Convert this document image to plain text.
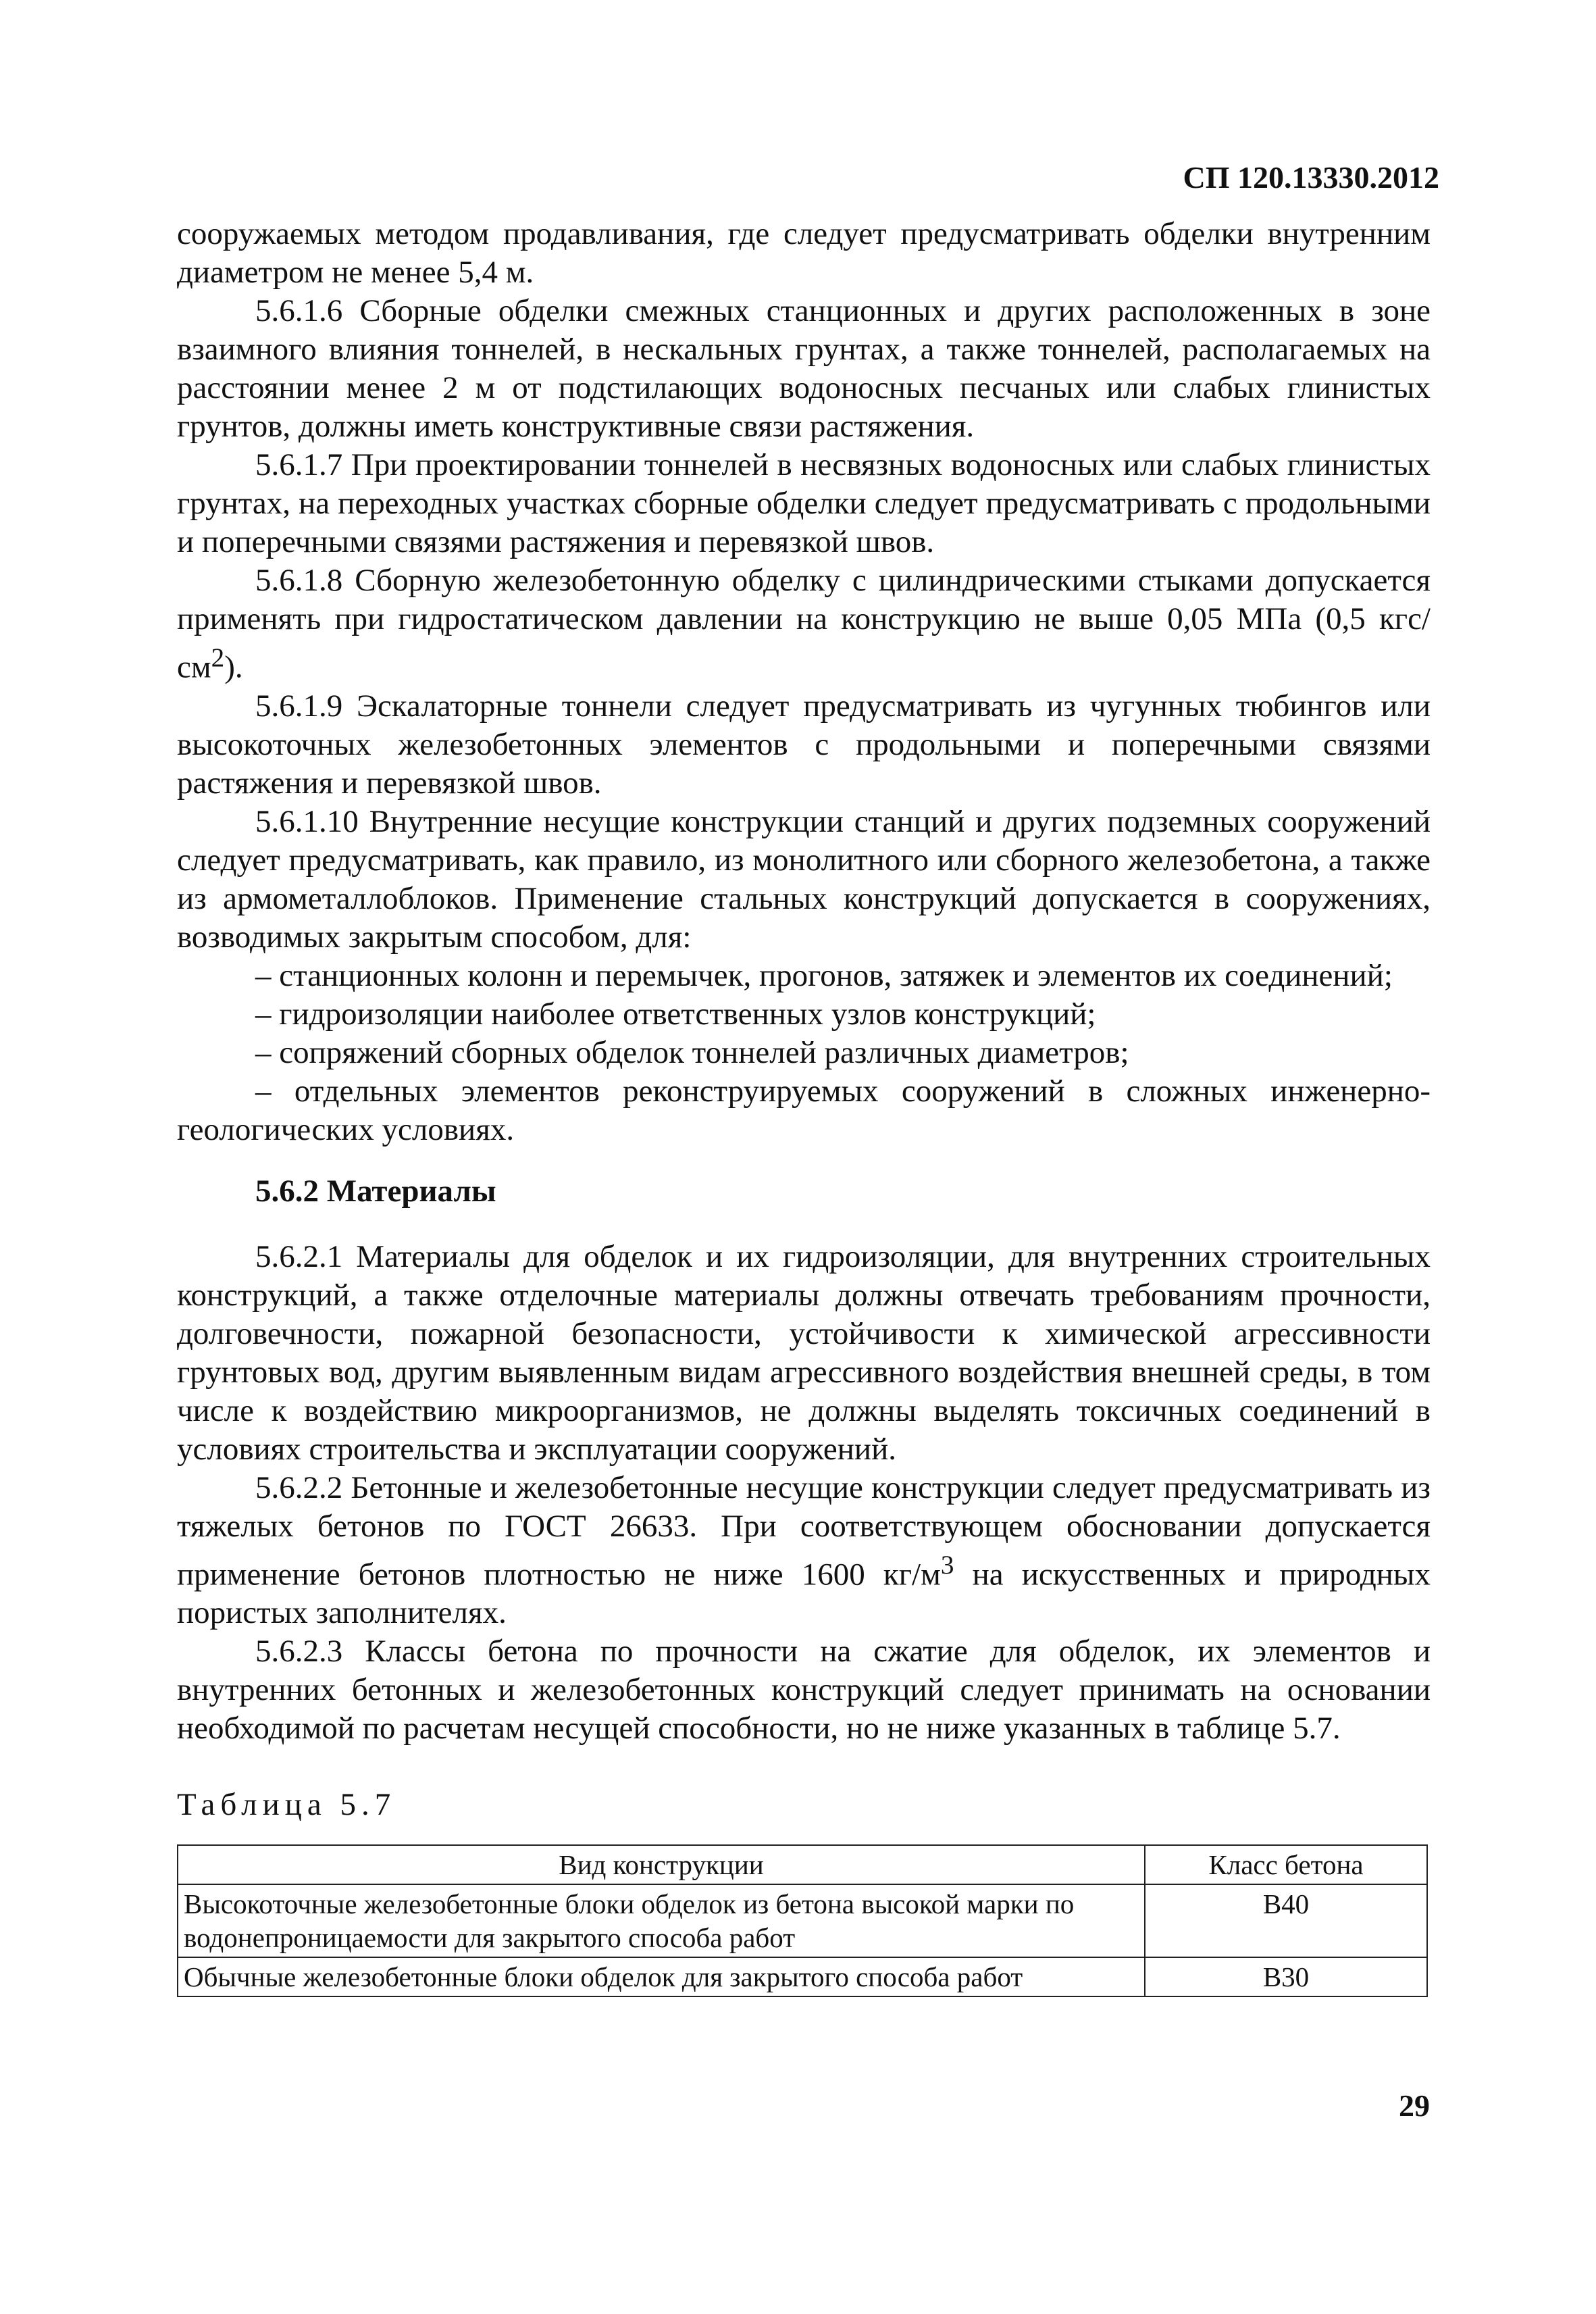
СП 120.13330.2012

сооружаемых методом продавливания, где следует предусматривать обделки внутренним диаметром не менее 5,4 м.

5.6.1.6 Сборные обделки смежных станционных и других расположенных в зоне взаимного влияния тоннелей, в нескальных грунтах, а также тоннелей, располагаемых на расстоянии менее 2 м от подстилающих водоносных песчаных или слабых глинистых грунтов, должны иметь конструктивные связи растяжения.

5.6.1.7 При проектировании тоннелей в несвязных водоносных или слабых глинистых грунтах, на переходных участках сборные обделки следует предусматривать с продольными и поперечными связями растяжения и перевязкой швов.

5.6.1.8 Сборную железобетонную обделку с цилиндрическими стыками допускается применять при гидростатическом давлении на конструкцию не выше 0,05 МПа (0,5 кгс/$см^2$).

5.6.1.9 Эскалаторные тоннели следует предусматривать из чугунных тюбингов или высокоточных железобетонных элементов с продольными и поперечными связями растяжения и перевязкой швов.

5.6.1.10 Внутренние несущие конструкции станций и других подземных сооружений следует предусматривать, как правило, из монолитного или сборного железобетона, а также из армометаллоблоков. Применение стальных конструкций допускается в сооружениях, возводимых закрытым способом, для:

– станционных колонн и перемычек, прогонов, затяжек и элементов их соединений;

– гидроизоляции наиболее ответственных узлов конструкций;

– сопряжений сборных обделок тоннелей различных диаметров;

– отдельных элементов реконструируемых сооружений в сложных инженерно-геологических условиях.

5.6.2 Материалы

5.6.2.1 Материалы для обделок и их гидроизоляции, для внутренних строительных конструкций, а также отделочные материалы должны отвечать требованиям прочности, долговечности, пожарной безопасности, устойчивости к химической агрессивности грунтовых вод, другим выявленным видам агрессивного воздействия внешней среды, в том числе к воздействию микроорганизмов, не должны выделять токсичных соединений в условиях строительства и эксплуатации сооружений.

5.6.2.2 Бетонные и железобетонные несущие конструкции следует предусматривать из тяжелых бетонов по ГОСТ 26633. При соответствующем обосновании допускается применение бетонов плотностью не ниже 1600 $кг/м^3$ на искусственных и природных пористых заполнителях.

5.6.2.3 Классы бетона по прочности на сжатие для обделок, их элементов и внутренних бетонных и железобетонных конструкций следует принимать на основании необходимой по расчетам несущей способности, но не ниже указанных в таблице 5.7.

Таблица 5.7
Вид конструкции	Класс бетона
Высокоточные железобетонные блоки обделок из бетона высокой марки по водонепроницаемости для закрытого способа работ	В40
Обычные железобетонные блоки обделок для закрытого способа работ	В30

29
